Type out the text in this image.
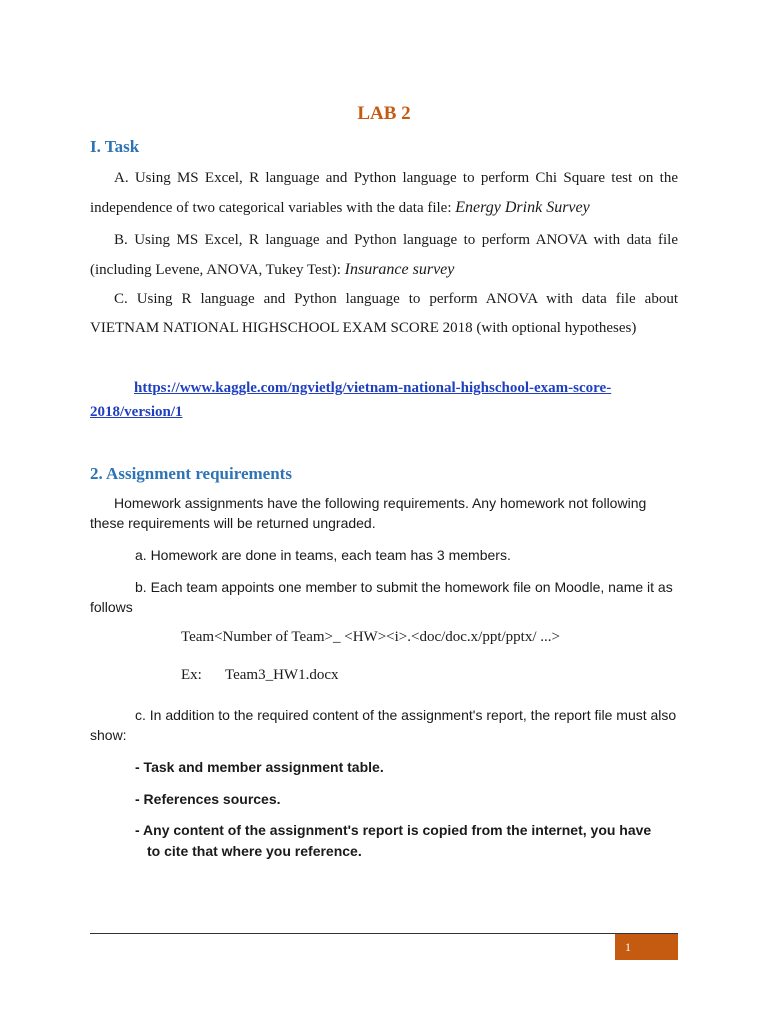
LAB 2
I. Task
A. Using MS Excel, R language and Python language to perform Chi Square test on the independence of two categorical variables with the data file: Energy Drink Survey
B. Using MS Excel, R language and Python language to perform ANOVA with data file (including Levene, ANOVA, Tukey Test): Insurance survey
C. Using R language and Python language to perform ANOVA with data file about VIETNAM NATIONAL HIGHSCHOOL EXAM SCORE 2018 (with optional hypotheses)
https://www.kaggle.com/ngvietlg/vietnam-national-highschool-exam-score-
2018/version/1
2. Assignment requirements
Homework assignments have the following requirements. Any homework not following these requirements will be returned ungraded.
a. Homework are done in teams, each team has 3 members.
b. Each team appoints one member to submit the homework file on Moodle, name it as follows
Team<Number of Team>_ <HW><i>.<doc/doc.x/ppt/pptx/ ...>
Ex: Team3_HW1.docx
c. In addition to the required content of the assignment's report, the report file must also show:
- Task and member assignment table.
- References sources.
- Any content of the assignment's report is copied from the internet, you have
to cite that where you reference.
1
